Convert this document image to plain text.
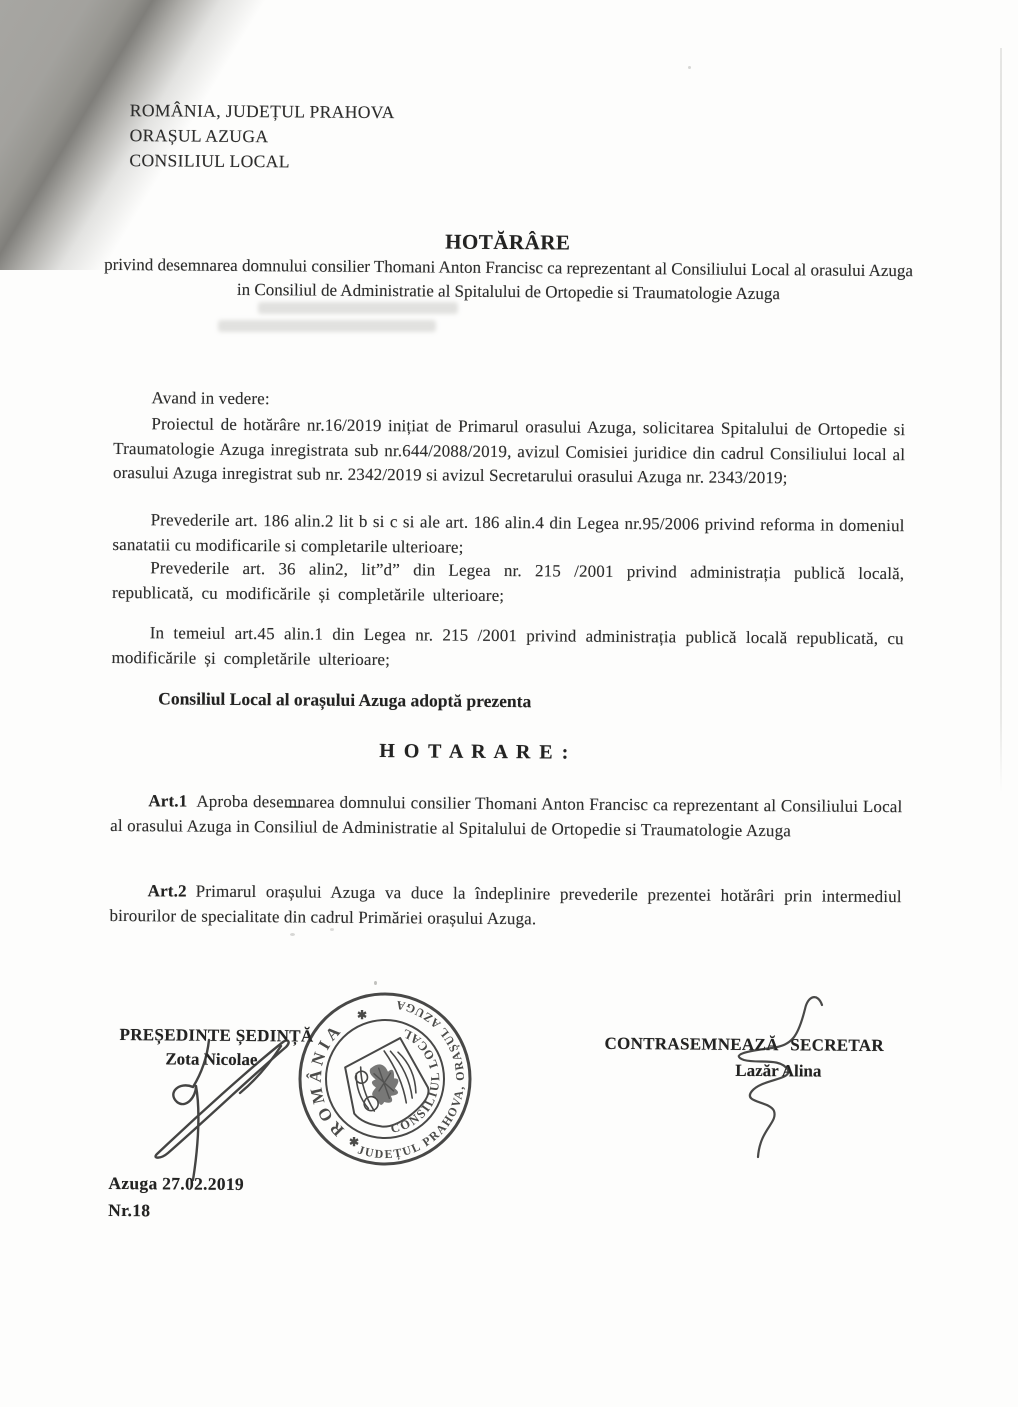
ROMÂNIA, JUDEȚUL PRAHOVA
ORAȘUL AZUGA
CONSILIUL LOCAL
HOTĂRÂRE
privind desemnarea domnului consilier Thomani Anton Francisc ca reprezentant al Consiliului Local al orasului Azuga in Consiliul de Administratie al Spitalului de Ortopedie si Traumatologie Azuga
Avand in vedere:
Proiectul de hotărâre nr.16/2019 inițiat de Primarul orasului Azuga, solicitarea Spitalului de Ortopedie si Traumatologie Azuga inregistrata sub nr.644/2088/2019, avizul Comisiei juridice din cadrul Consiliului local al orasului Azuga inregistrat sub nr. 2342/2019 si avizul Secretarului orasului Azuga nr. 2343/2019;
Prevederile art. 186 alin.2 lit b si c si ale art. 186 alin.4 din Legea nr.95/2006 privind reforma in domeniul sanatatii cu modificarile si completarile ulterioare;
Prevederile art. 36 alin2, lit”d” din Legea nr. 215 /2001 privind administrația publică locală, republicată, cu modificările și completările ulterioare;
In temeiul art.45 alin.1 din Legea nr. 215 /2001 privind administrația publică locală republicată, cu modificările și completările ulterioare;
Consiliul Local al orașului Azuga adoptă prezenta
H O T A R A R E :

Art.1 Aproba desemnarea domnului consilier Thomani Anton Francisc ca reprezentant al Consiliului Local al orasului Azuga in Consiliul de Administratie al Spitalului de Ortopedie si Traumatologie Azuga

Art.2 Primarul orașului Azuga va duce la îndeplinire prevederile prezentei hotărâri prin intermediul birourilor de specialitate din cadrul Primăriei orașului Azuga.

PREȘEDINTE ȘEDINȚĂ
Zota Nicolae
CONTRASEMNEAZĂ SECRETAR
Lazăr Alina
Azuga 27.02.2019
Nr.18
ROMÂNIA
JUDEȚUL PRAHOVA, ORAȘUL AZUGA
CONSILIUL LOCAL
✱
✱
